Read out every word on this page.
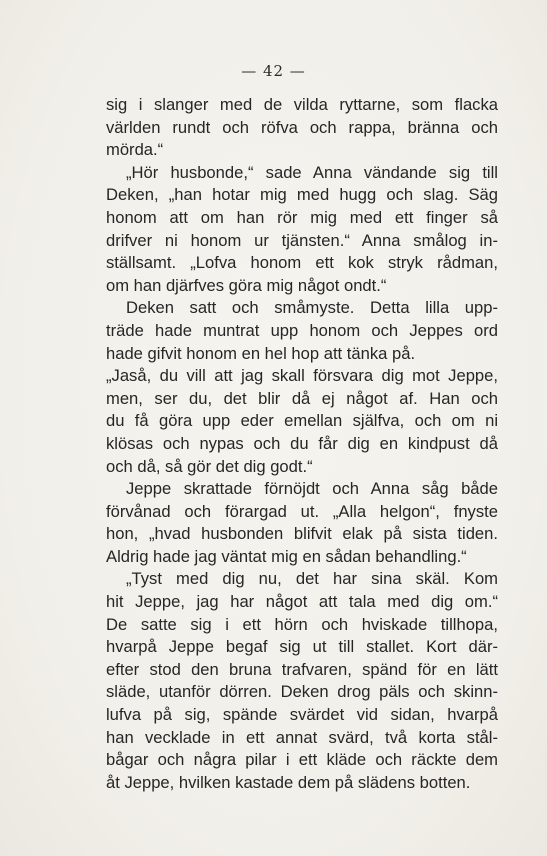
— 42 —
sig i slanger med de vilda ryttarne, som flacka
världen rundt och röfva och rappa, bränna och
mörda.“
„Hör husbonde,“ sade Anna vändande sig till
Deken, „han hotar mig med hugg och slag. Säg
honom att om han rör mig med ett finger så
drifver ni honom ur tjänsten.“ Anna smålog in-
ställsamt. „Lofva honom ett kok stryk rådman,
om han djärfves göra mig något ondt.“
Deken satt och småmyste. Detta lilla upp-
träde hade muntrat upp honom och Jeppes ord
hade gifvit honom en hel hop att tänka på.
„Jaså, du vill att jag skall försvara dig mot Jeppe,
men, ser du, det blir då ej något af. Han och
du få göra upp eder emellan själfva, och om ni
klösas och nypas och du får dig en kindpust då
och då, så gör det dig godt.“
Jeppe skrattade förnöjdt och Anna såg både
förvånad och förargad ut. „Alla helgon“, fnyste
hon, „hvad husbonden blifvit elak på sista tiden.
Aldrig hade jag väntat mig en sådan behandling.“
„Tyst med dig nu, det har sina skäl. Kom
hit Jeppe, jag har något att tala med dig om.“
De satte sig i ett hörn och hviskade tillhopa,
hvarpå Jeppe begaf sig ut till stallet. Kort där-
efter stod den bruna trafvaren, spänd för en lätt
släde, utanför dörren. Deken drog päls och skinn-
lufva på sig, spände svärdet vid sidan, hvarpå
han vecklade in ett annat svärd, två korta stål-
bågar och några pilar i ett kläde och räckte dem
åt Jeppe, hvilken kastade dem på slädens botten.
